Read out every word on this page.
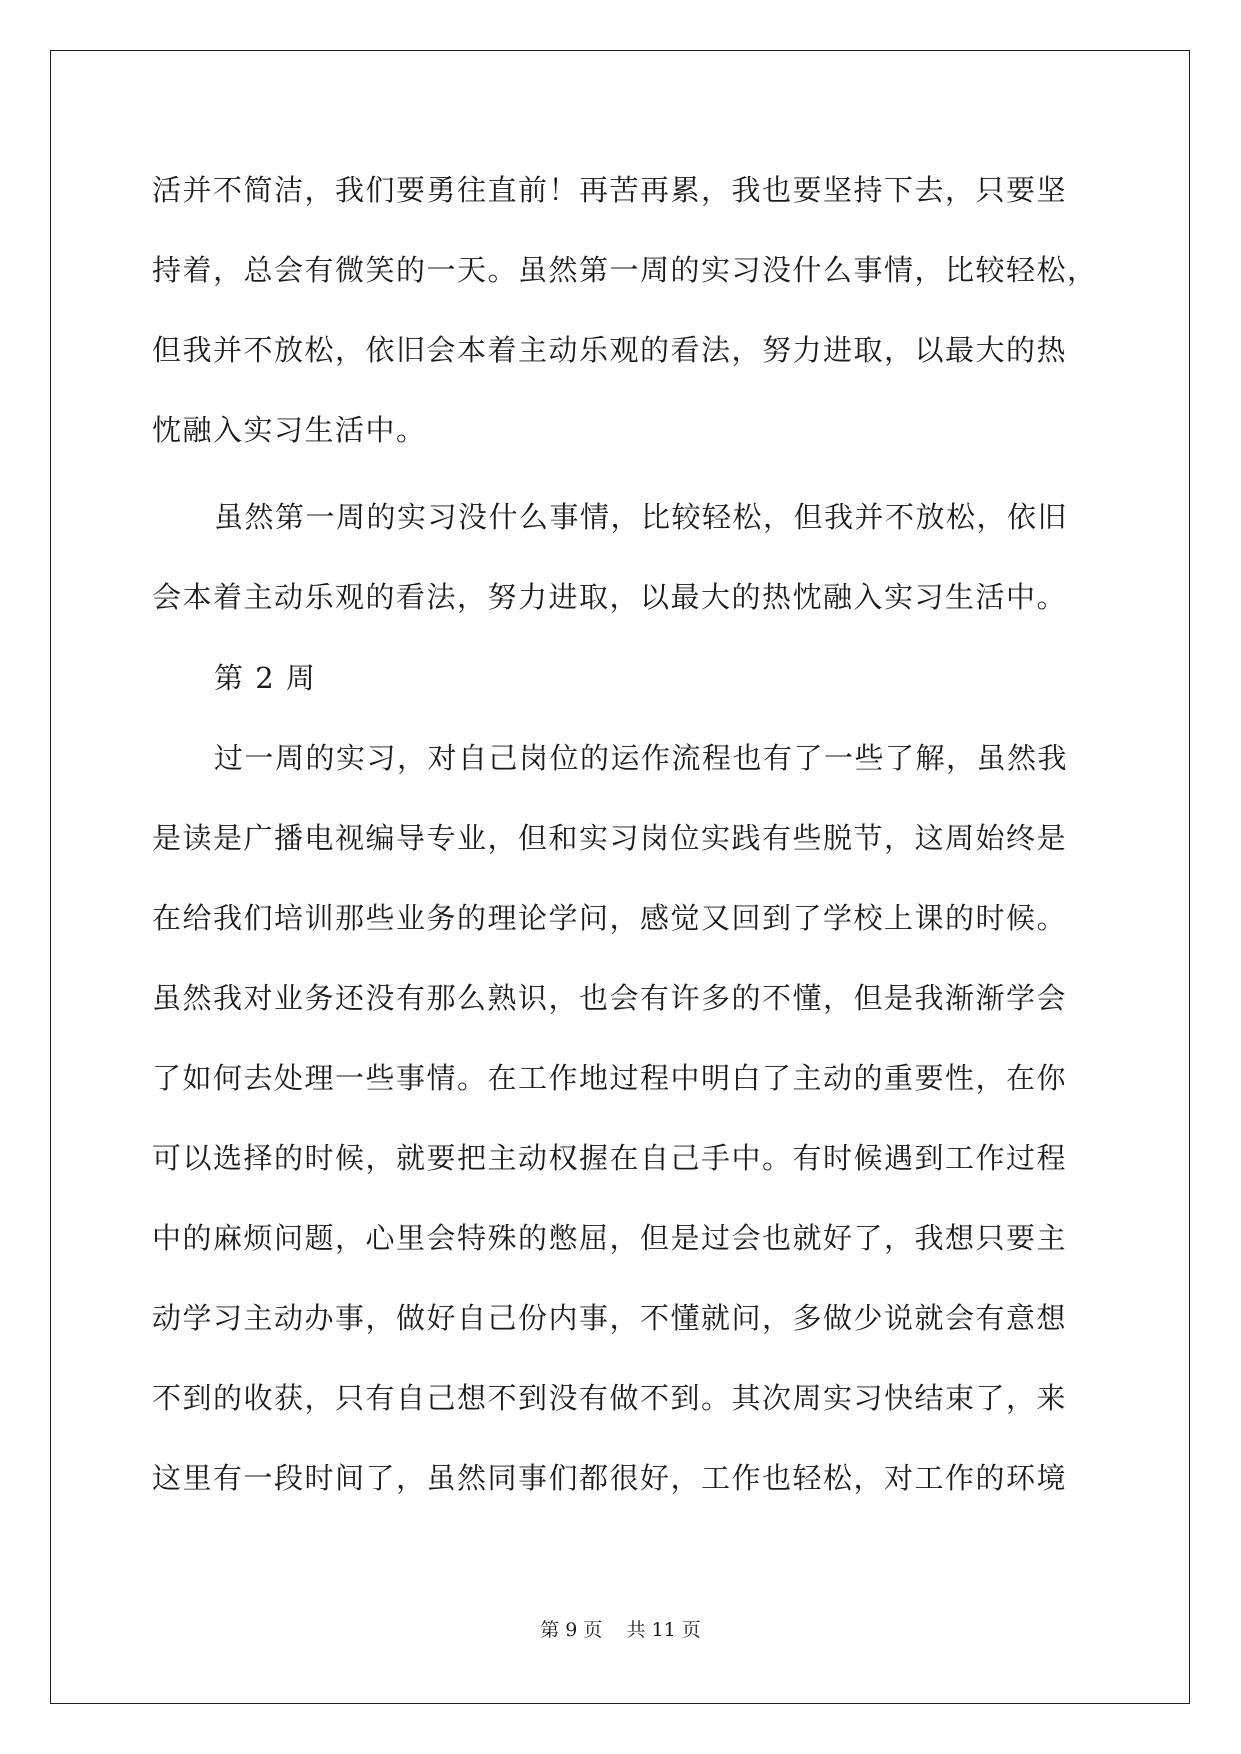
活并不简洁，我们要勇往直前！再苦再累，我也要坚持下去，只要坚
持着，总会有微笑的一天。虽然第一周的实习没什么事情，比较轻松，
但我并不放松，依旧会本着主动乐观的看法，努力进取，以最大的热
忱融入实习生活中。
虽然第一周的实习没什么事情，比较轻松，但我并不放松，依旧
会本着主动乐观的看法，努力进取，以最大的热忱融入实习生活中。
第 2 周
过一周的实习，对自己岗位的运作流程也有了一些了解，虽然我
是读是广播电视编导专业，但和实习岗位实践有些脱节，这周始终是
在给我们培训那些业务的理论学问，感觉又回到了学校上课的时候。
虽然我对业务还没有那么熟识，也会有许多的不懂，但是我渐渐学会
了如何去处理一些事情。在工作地过程中明白了主动的重要性，在你
可以选择的时候，就要把主动权握在自己手中。有时候遇到工作过程
中的麻烦问题，心里会特殊的憋屈，但是过会也就好了，我想只要主
动学习主动办事，做好自己份内事，不懂就问，多做少说就会有意想
不到的收获，只有自己想不到没有做不到。其次周实习快结束了，来
这里有一段时间了，虽然同事们都很好，工作也轻松，对工作的环境
第 9 页    共 11 页
